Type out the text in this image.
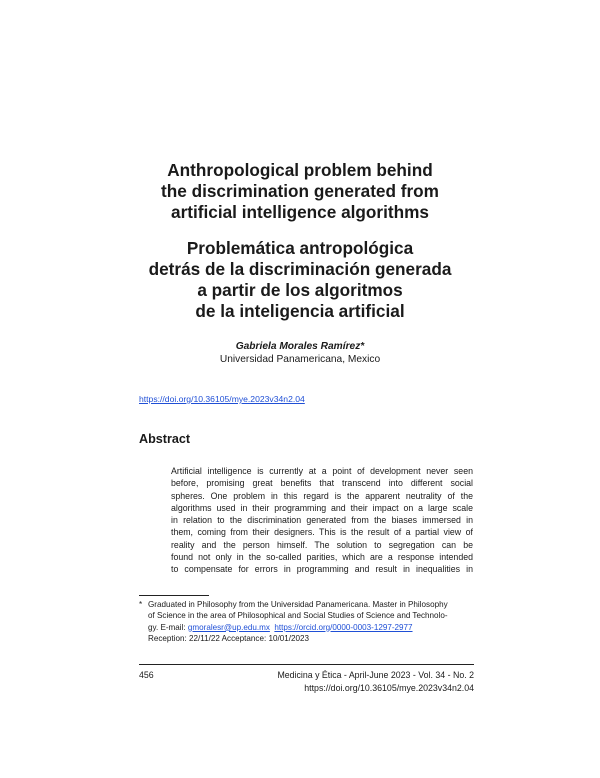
Anthropological problem behind
the discrimination generated from
artificial intelligence algorithms
Problemática antropológica
detrás de la discriminación generada
a partir de los algoritmos
de la inteligencia artificial
Gabriela Morales Ramírez*
Universidad Panamericana, Mexico
https://doi.org/10.36105/mye.2023v34n2.04
Abstract
Artificial intelligence is currently at a point of development never seen
before, promising great benefits that transcend into different social
spheres. One problem in this regard is the apparent neutrality of the
algorithms used in their programming and their impact on a large scale
in relation to the discrimination generated from the biases immersed in
them, coming from their designers. This is the result of a partial view of
reality and the person himself. The solution to segregation can be
found not only in the so-called parities, which are a response intended
to compensate for errors in programming and result in inequalities in
* Graduated in Philosophy from the Universidad Panamericana. Master in Philosophy
of Science in the area of Philosophical and Social Studies of Science and Technolo-
gy. E-mail: gmoralesr@up.edu.mx https://orcid.org/0000-0003-1297-2977
Reception: 22/11/22 Acceptance: 10/01/2023
456	Medicina y Ética - April-June 2023 - Vol. 34 - No. 2
https://doi.org/10.36105/mye.2023v34n2.04
